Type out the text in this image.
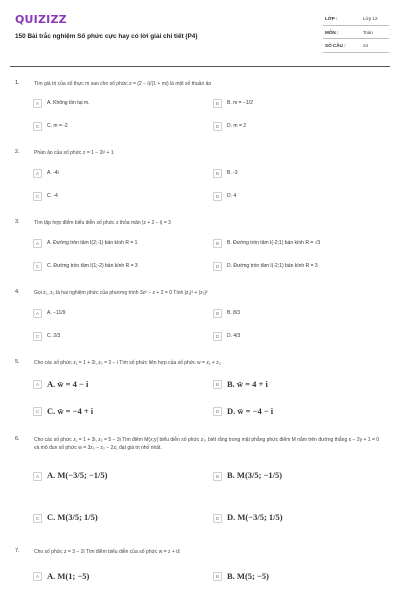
QUIZIZZ
150 Bài trắc nghiệm Số phức cực hay có lời giải chi tiết (P4)
LỚP :	Lớp 12
MÔN :	Toán
SỐ CÂU :	24
1.	Tìm giá trị của số thực m sao cho số phức z = (2 − i)/(1 + mi) là một số thuần ảo
A	A. Không tồn tại m.	B	B. m = −1/2
C	C. m = -2	D	D. m = 2
2.	Phần ảo của số phức z = 1 − 2i² + 1
A	A. -4i	B	B. -3
C	C. -4	D	D. 4
3.	Tìm tập hợp điểm biểu diễn số phức z thỏa mãn |z + 2 − i| = 3
A	A. Đường tròn tâm I(2;-1) bán kính R = 1	B	B. Đường tròn tâm I(-2;1) bán kính R = √3
C	C. Đường tròn tâm I(1;-2) bán kính R = 3	D	D. Đường tròn tâm I(-2;1) bán kính R = 3
4.	Gọi z₁, z₂ là hai nghiệm phức của phương trình 3z² − z + 2 = 0 Tính |z₁|² + |z₂|²
A	A. −11/9	B	B. 8/3
C	C. 2/3	D	D. 4/3
5.	Cho các số phức z₁ = 1 + 2i, z₂ = 3 − i Tìm số phức liên hợp của số phức w = z₁ + z₂
A A. w̄ = 4 − i	B B. w̄ = 4 + i
C C. w̄ = −4 + i	D D. w̄ = −4 − i
6.	Cho các số phức z₁ = 1 + 3i, z₂ = 5 − 3i Tìm điểm M(x;y) biểu diễn số phức z₃, biết rằng trong mặt phẳng phức điểm M nằm trên đường thẳng x − 2y + 1 = 0 và mô đun số phức w = 3z₃ − z₂ − 2z₁ đạt giá trị nhỏ nhất.
A A. M(−3/5; −1/5)	B B. M(3/5; −1/5)
C C. M(3/5; 1/5)	D D. M(−3/5; 1/5)
7.	Cho số phức z = 3 − 2i Tìm điểm biểu diễn của số phức w = z + iz̄
A A. M(1; −5)	B B. M(5; −5)
